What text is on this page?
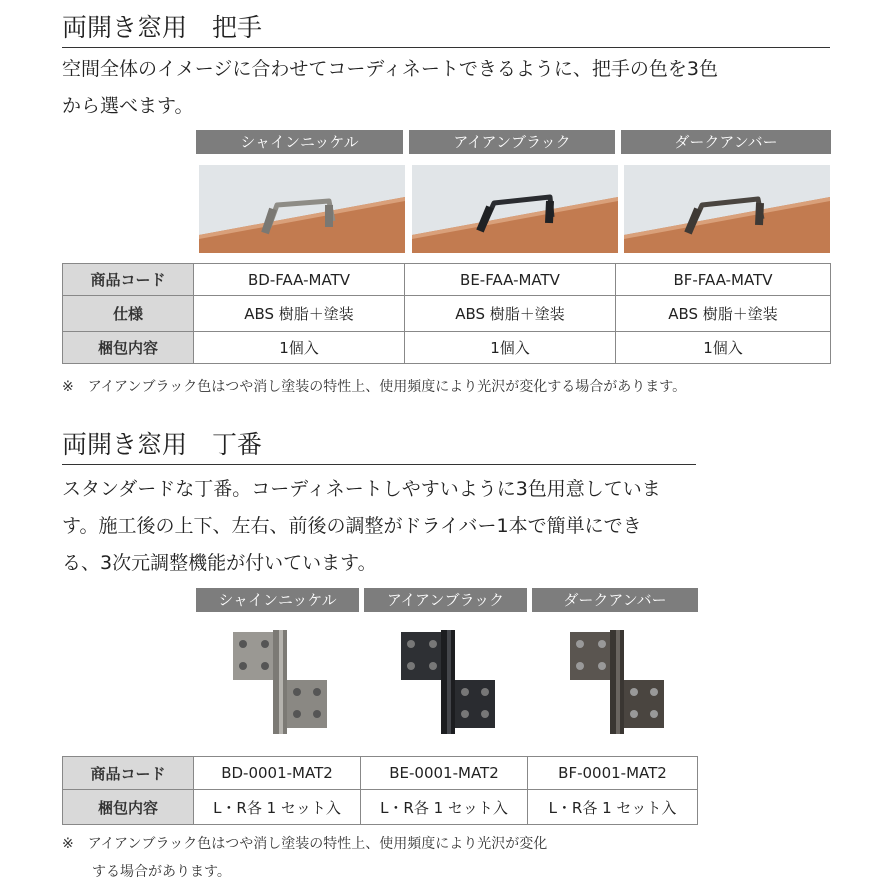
両開き窓用　把手
空間全体のイメージに合わせてコーディネートできるように、把手の色を3色
から選べます。
シャインニッケル	アイアンブラック	ダークアンバー
商品コード	BD-FAA-MATV	BE-FAA-MATV	BF-FAA-MATV
仕様	ABS 樹脂＋塗装	ABS 樹脂＋塗装	ABS 樹脂＋塗装
梱包内容	1個入	1個入	1個入
※　アイアンブラック色はつや消し塗装の特性上、使用頻度により光沢が変化する場合があります。
両開き窓用　丁番
スタンダードな丁番。コーディネートしやすいように3色用意していま
す。施工後の上下、左右、前後の調整がドライバー1本で簡単にでき
る、3次元調整機能が付いています。
シャインニッケル	アイアンブラック	ダークアンバー
商品コード	BD-0001-MAT2	BE-0001-MAT2	BF-0001-MAT2
梱包内容	L・R各 1 セット入	L・R各 1 セット入	L・R各 1 セット入
※　アイアンブラック色はつや消し塗装の特性上、使用頻度により光沢が変化
する場合があります。
